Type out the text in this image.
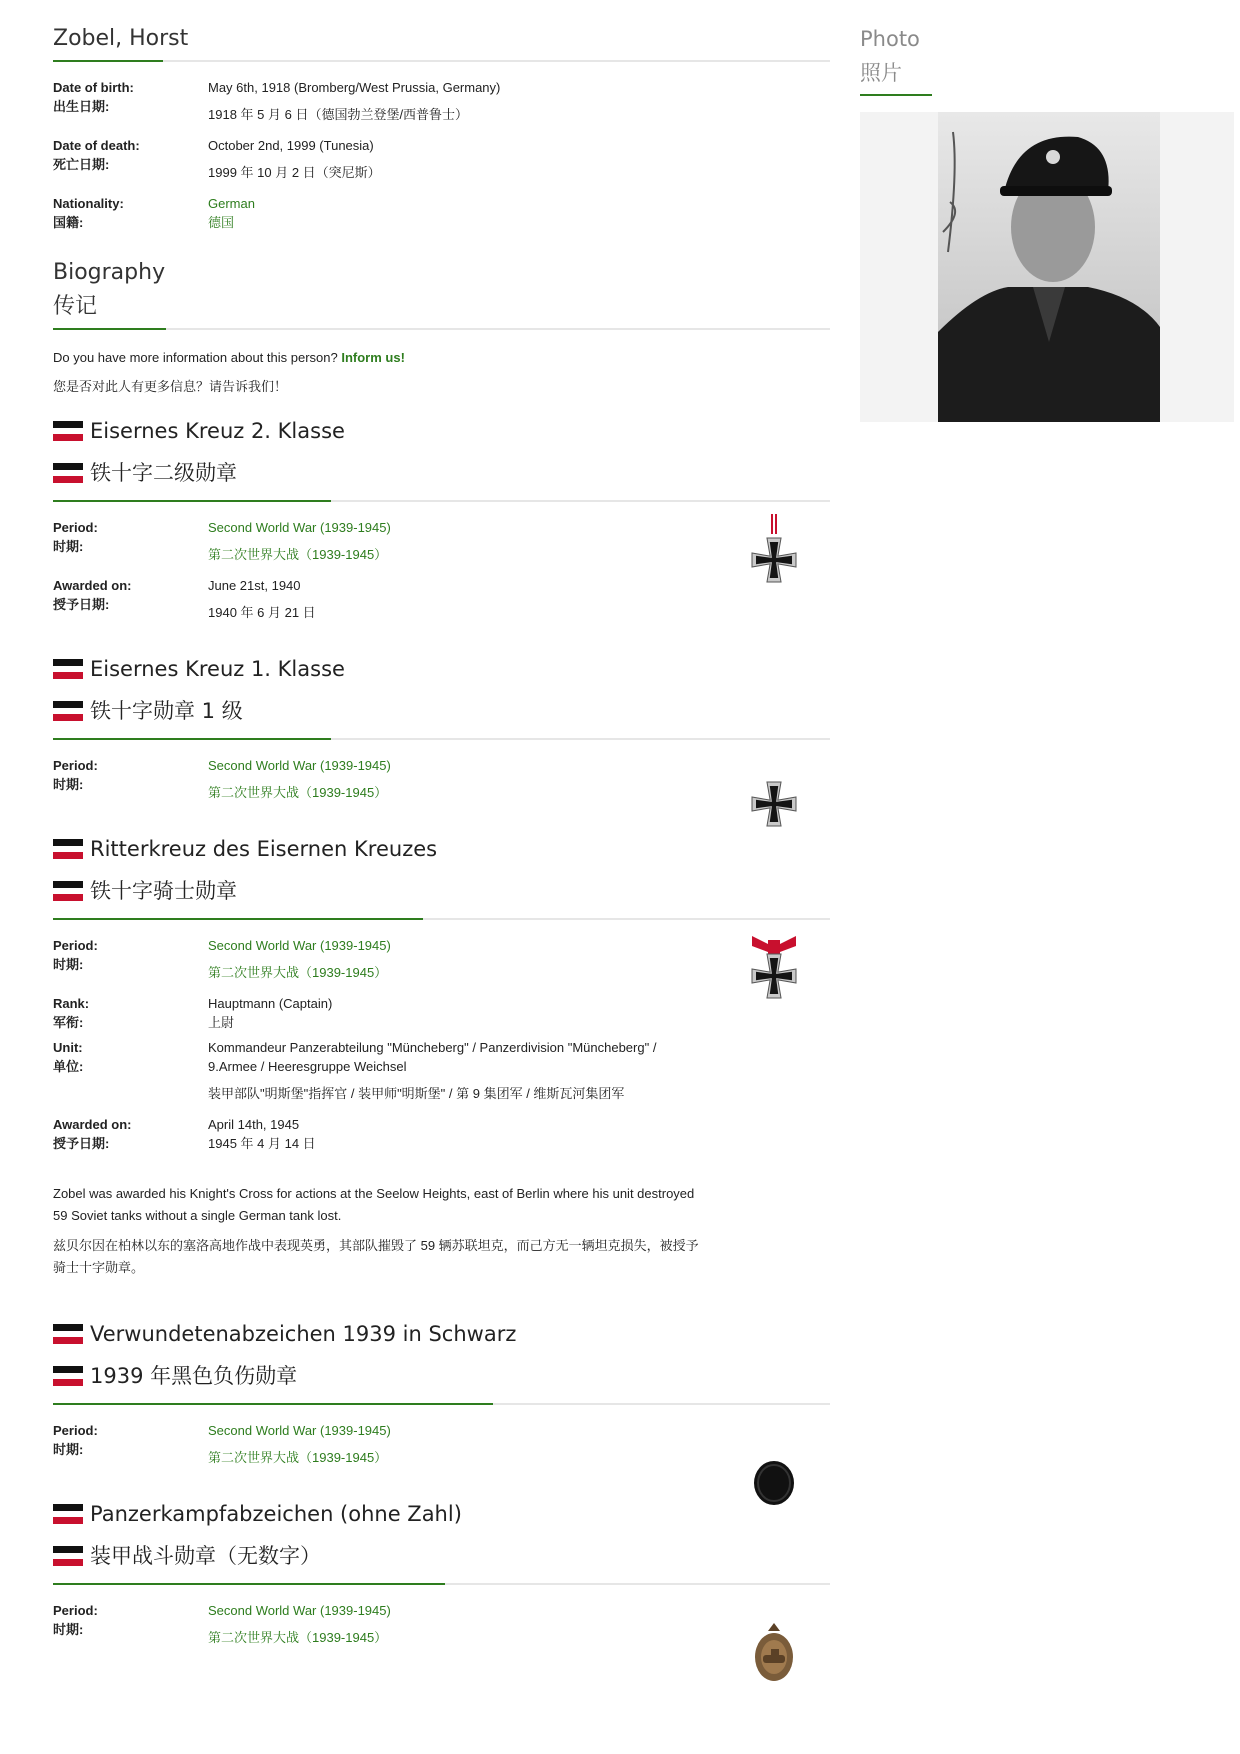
Zobel, Horst
Date of birth:
出生日期:
May 6th, 1918 (Bromberg/West Prussia, Germany)
1918 年 5 月 6 日（德国勃兰登堡/西普鲁士）
Date of death:
死亡日期:
October 2nd, 1999 (Tunesia)
1999 年 10 月 2 日（突尼斯）
Nationality:
国籍:
German
德国
Biography
传记
Do you have more information about this person? Inform us!
您是否对此人有更多信息？请告诉我们！
Eisernes Kreuz 2. Klasse
铁十字二级勋章
Period:
时期:
Second World War (1939-1945)
第二次世界大战（1939-1945）
Awarded on:
授予日期:
June 21st, 1940
1940 年 6 月 21 日
Eisernes Kreuz 1. Klasse
铁十字勋章 1 级
Period:
时期:
Second World War (1939-1945)
第二次世界大战（1939-1945）
Ritterkreuz des Eisernen Kreuzes
铁十字骑士勋章
Period:
时期:
Second World War (1939-1945)
第二次世界大战（1939-1945）
Rank:
军衔:
Hauptmann (Captain)
上尉
Unit:
单位:
Kommandeur Panzerabteilung "Müncheberg" / Panzerdivision "Müncheberg" / 9.Armee / Heeresgruppe Weichsel
装甲部队"明斯堡"指挥官 / 装甲师"明斯堡" / 第 9 集团军 / 维斯瓦河集团军
Awarded on:
授予日期:
April 14th, 1945
1945 年 4 月 14 日

Zobel was awarded his Knight's Cross for actions at the Seelow Heights, east of Berlin where his unit destroyed 59 Soviet tanks without a single German tank lost.

兹贝尔因在柏林以东的塞洛高地作战中表现英勇，其部队摧毁了 59 辆苏联坦克，而己方无一辆坦克损失，被授予骑士十字勋章。

Verwundetenabzeichen 1939 in Schwarz
1939 年黑色负伤勋章
Period:
时期:
Second World War (1939-1945)
第二次世界大战（1939-1945）
Panzerkampfabzeichen (ohne Zahl)
装甲战斗勋章（无数字）
Period:
时期:
Second World War (1939-1945)
第二次世界大战（1939-1945）
Photo
照片
